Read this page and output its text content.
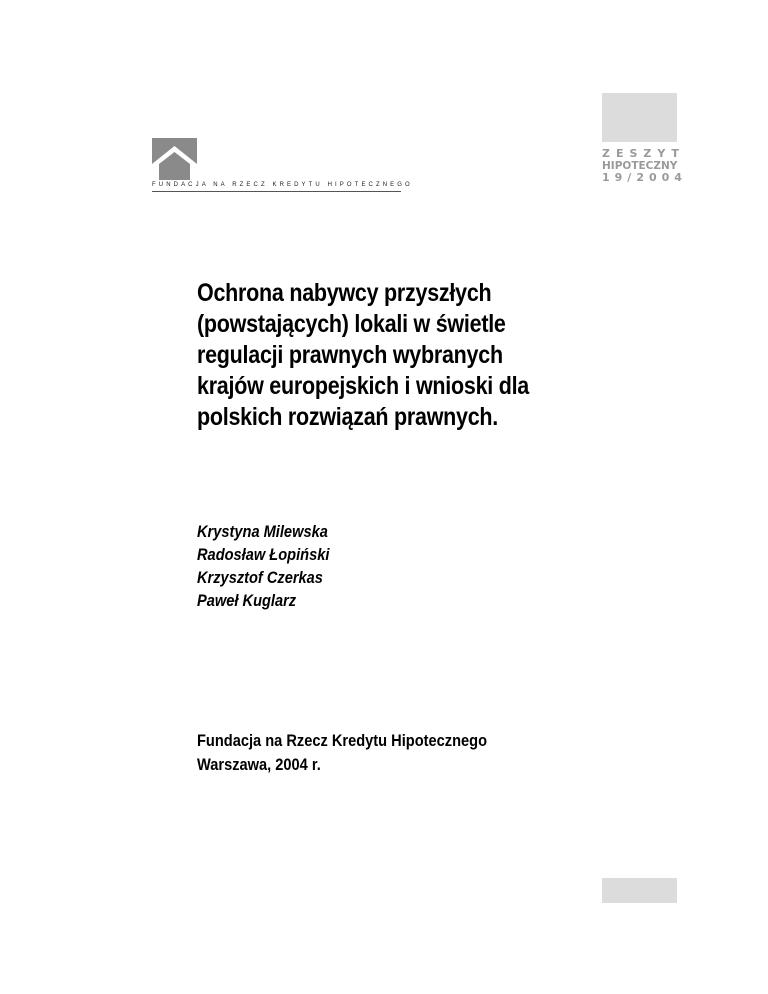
ZESZYT
HIPOTECZNY
19/2004
FUNDACJA NA RZECZ KREDYTU HIPOTECZNEGO
Ochrona nabywcy przyszłych
(powstających) lokali w świetle
regulacji prawnych wybranych
krajów europejskich i wnioski dla
polskich rozwiązań prawnych.
Krystyna Milewska
Radosław Łopiński
Krzysztof Czerkas
Paweł Kuglarz
Fundacja na Rzecz Kredytu Hipotecznego
Warszawa, 2004 r.
